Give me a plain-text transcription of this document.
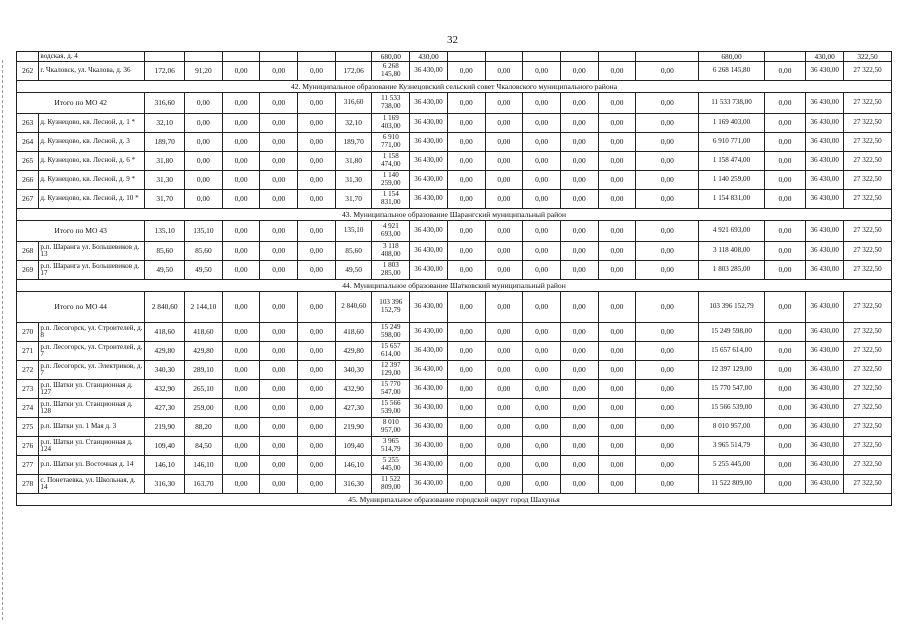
32
	водская, д. 4							680,00	430,00							680,00		430,00	322,50
262	г. Чкаловск, ул. Чкалова, д. 36	172,06	91,20	0,00	0,00	0,00	172,06	6 268 145,80	36 430,00	0,00	0,00	0,00	0,00	0,00	0,00	6 268 145,80	0,00	36 430,00	27 322,50
42. Муниципальное образование Кузнецовский сельский совет Чкаловского муниципального района																			
Итого по МО 42		316,60	0,00	0,00	0,00	0,00	316,60	11 533 738,00	36 430,00	0,00	0,00	0,00	0,00	0,00	0,00	11 533 738,00	0,00	36 430,00	27 322,50
263	д. Кузнецово, кв. Лесной, д. 1 *	32,10	0,00	0,00	0,00	0,00	32,10	1 169 403,00	36 430,00	0,00	0,00	0,00	0,00	0,00	0,00	1 169 403,00	0,00	36 430,00	27 322,50
264	д. Кузнецово, кв. Лесной, д. 3	189,70	0,00	0,00	0,00	0,00	189,70	6 910 771,00	36 430,00	0,00	0,00	0,00	0,00	0,00	0,00	6 910 771,00	0,00	36 430,00	27 322,50
265	д. Кузнецово, кв. Лесной, д. 6 *	31,80	0,00	0,00	0,00	0,00	31,80	1 158 474,00	36 430,00	0,00	0,00	0,00	0,00	0,00	0,00	1 158 474,00	0,00	36 430,00	27 322,50
266	д. Кузнецово, кв. Лесной, д. 9 *	31,30	0,00	0,00	0,00	0,00	31,30	1 140 259,00	36 430,00	0,00	0,00	0,00	0,00	0,00	0,00	1 140 259,00	0,00	36 430,00	27 322,50
267	д. Кузнецово, кв. Лесной, д. 10 *	31,70	0,00	0,00	0,00	0,00	31,70	1 154 831,00	36 430,00	0,00	0,00	0,00	0,00	0,00	0,00	1 154 831,00	0,00	36 430,00	27 322,50
43. Муниципальное образование Шарангский муниципальный район																			
Итого по МО 43		135,10	135,10	0,00	0,00	0,00	135,10	4 921 693,00	36 430,00	0,00	0,00	0,00	0,00	0,00	0,00	4 921 693,00	0,00	36 430,00	27 322,50
268	р.п. Шаранга ул. Большевиков д. 13	85,60	85,60	0,00	0,00	0,00	85,60	3 118 408,00	36 430,00	0,00	0,00	0,00	0,00	0,00	0,00	3 118 408,00	0,00	36 430,00	27 322,50
269	р.п. Шаранга ул. Большевиков д. 17	49,50	49,50	0,00	0,00	0,00	49,50	1 803 285,00	36 430,00	0,00	0,00	0,00	0,00	0,00	0,00	1 803 285,00	0,00	36 430,00	27 322,50
44. Муниципальное образование Шатковский муниципальный район																			
Итого по МО 44		2 840,60	2 144,10	0,00	0,00	0,00	2 840,60	103 396 152,79	36 430,00	0,00	0,00	0,00	0,00	0,00	0,00	103 396 152,79	0,00	36 430,00	27 322,50
270	р.п. Лесогорск, ул. Строителей, д. 8	418,60	418,60	0,00	0,00	0,00	418,60	15 249 598,00	36 430,00	0,00	0,00	0,00	0,00	0,00	0,00	15 249 598,00	0,00	36 430,00	27 322,50
271	р.п. Лесогорск, ул. Строителей, д. 7	429,80	429,80	0,00	0,00	0,00	429,80	15 657 614,00	36 430,00	0,00	0,00	0,00	0,00	0,00	0,00	15 657 614,00	0,00	36 430,00	27 322,50
272	р.п. Лесогорск, ул. Электриков, д. 7	340,30	289,10	0,00	0,00	0,00	340,30	12 397 129,00	36 430,00	0,00	0,00	0,00	0,00	0,00	0,00	12 397 129,00	0,00	36 430,00	27 322,50
273	р.п. Шатки ул. Станционная д. 127	432,90	265,10	0,00	0,00	0,00	432,90	15 770 547,00	36 430,00	0,00	0,00	0,00	0,00	0,00	0,00	15 770 547,00	0,00	36 430,00	27 322,50
274	р.п. Шатки ул. Станционная д. 128	427,30	259,00	0,00	0,00	0,00	427,30	15 566 539,00	36 430,00	0,00	0,00	0,00	0,00	0,00	0,00	15 566 539,00	0,00	36 430,00	27 322,50
275	р.п. Шатки ул. 1 Мая д. 3	219,90	88,20	0,00	0,00	0,00	219,90	8 010 957,00	36 430,00	0,00	0,00	0,00	0,00	0,00	0,00	8 010 957,00	0,00	36 430,00	27 322,50
276	р.п. Шатки ул. Станционная д. 124	109,40	84,50	0,00	0,00	0,00	109,40	3 965 514,79	36 430,00	0,00	0,00	0,00	0,00	0,00	0,00	3 965 514,79	0,00	36 430,00	27 322,50
277	р.п. Шатки ул. Восточная д. 14	146,10	146,10	0,00	0,00	0,00	146,10	5 255 445,00	36 430,00	0,00	0,00	0,00	0,00	0,00	0,00	5 255 445,00	0,00	36 430,00	27 322,50
278	с. Понетаевка, ул. Школьная, д. 14	316,30	163,70	0,00	0,00	0,00	316,30	11 522 809,00	36 430,00	0,00	0,00	0,00	0,00	0,00	0,00	11 522 809,00	0,00	36 430,00	27 322,50
45. Муниципальное образование городской округ город Шахунья																			
